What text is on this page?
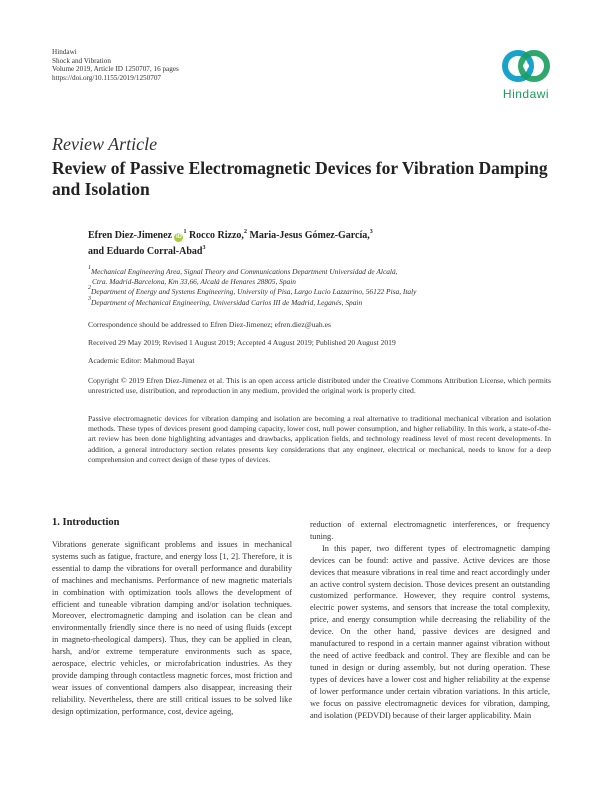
Hindawi
Shock and Vibration
Volume 2019, Article ID 1250707, 16 pages
https://doi.org/10.1155/2019/1250707
Hindawi
Review Article
Review of Passive Electromagnetic Devices for Vibration Damping and Isolation
Efren Diez-Jimenez $iD^1$ Rocco Rizzo,$^2$ Maria-Jesus Gómez-García,$^3$
and Eduardo Corral-Abad$^3$
$^1$Mechanical Engineering Area, Signal Theory and Communications Department Universidad de Alcalá,
Ctra. Madrid-Barcelona, Km 33,66, Alcalá de Henares 28805, Spain
$^2$Department of Energy and Systems Engineering, University of Pisa, Largo Lucio Lazzarino, 56122 Pisa, Italy
$^3$Department of Mechanical Engineering, Universidad Carlos III de Madrid, Leganés, Spain
Correspondence should be addressed to Efren Diez-Jimenez; efren.diez@uah.es
Received 29 May 2019; Revised 1 August 2019; Accepted 4 August 2019; Published 20 August 2019
Academic Editor: Mahmoud Bayat
Copyright © 2019 Efren Diez-Jimenez et al. This is an open access article distributed under the Creative Commons Attribution License, which permits unrestricted use, distribution, and reproduction in any medium, provided the original work is properly cited.
Passive electromagnetic devices for vibration damping and isolation are becoming a real alternative to traditional mechanical vibration and isolation methods. These types of devices present good damping capacity, lower cost, null power consumption, and higher reliability. In this work, a state-of-the-art review has been done highlighting advantages and drawbacks, application fields, and technology readiness level of most recent developments. In addition, a general introductory section relates presents key considerations that any engineer, electrical or mechanical, needs to know for a deep comprehension and correct design of these types of devices.
1. Introduction

Vibrations generate significant problems and issues in mechanical systems such as fatigue, fracture, and energy loss [1, 2]. Therefore, it is essential to damp the vibrations for overall performance and durability of machines and mechanisms. Performance of new magnetic materials in combination with optimization tools allows the development of efficient and tuneable vibration damping and/or isolation techniques. Moreover, electromagnetic damping and isolation can be clean and environmentally friendly since there is no need of using fluids (except in magneto-rheological dampers). Thus, they can be applied in clean, harsh, and/or extreme temperature environments such as space, aerospace, electric vehicles, or microfabrication industries. As they provide damping through contactless magnetic forces, most friction and wear issues of conventional dampers also disappear, increasing their reliability. Nevertheless, there are still critical issues to be solved like design optimization, performance, cost, device ageing,

reduction of external electromagnetic interferences, or frequency tuning.

In this paper, two different types of electromagnetic damping devices can be found: active and passive. Active devices are those devices that measure vibrations in real time and react accordingly under an active control system decision. Those devices present an outstanding customized performance. However, they require control systems, electric power systems, and sensors that increase the total complexity, price, and energy consumption while decreasing the reliability of the device. On the other hand, passive devices are designed and manufactured to respond in a certain manner against vibration without the need of active feedback and control. They are flexible and can be tuned in design or during assembly, but not during operation. These types of devices have a lower cost and higher reliability at the expense of lower performance under certain vibration variations. In this article, we focus on passive electromagnetic devices for vibration, damping, and isolation (PEDVDI) because of their larger applicability. Main
